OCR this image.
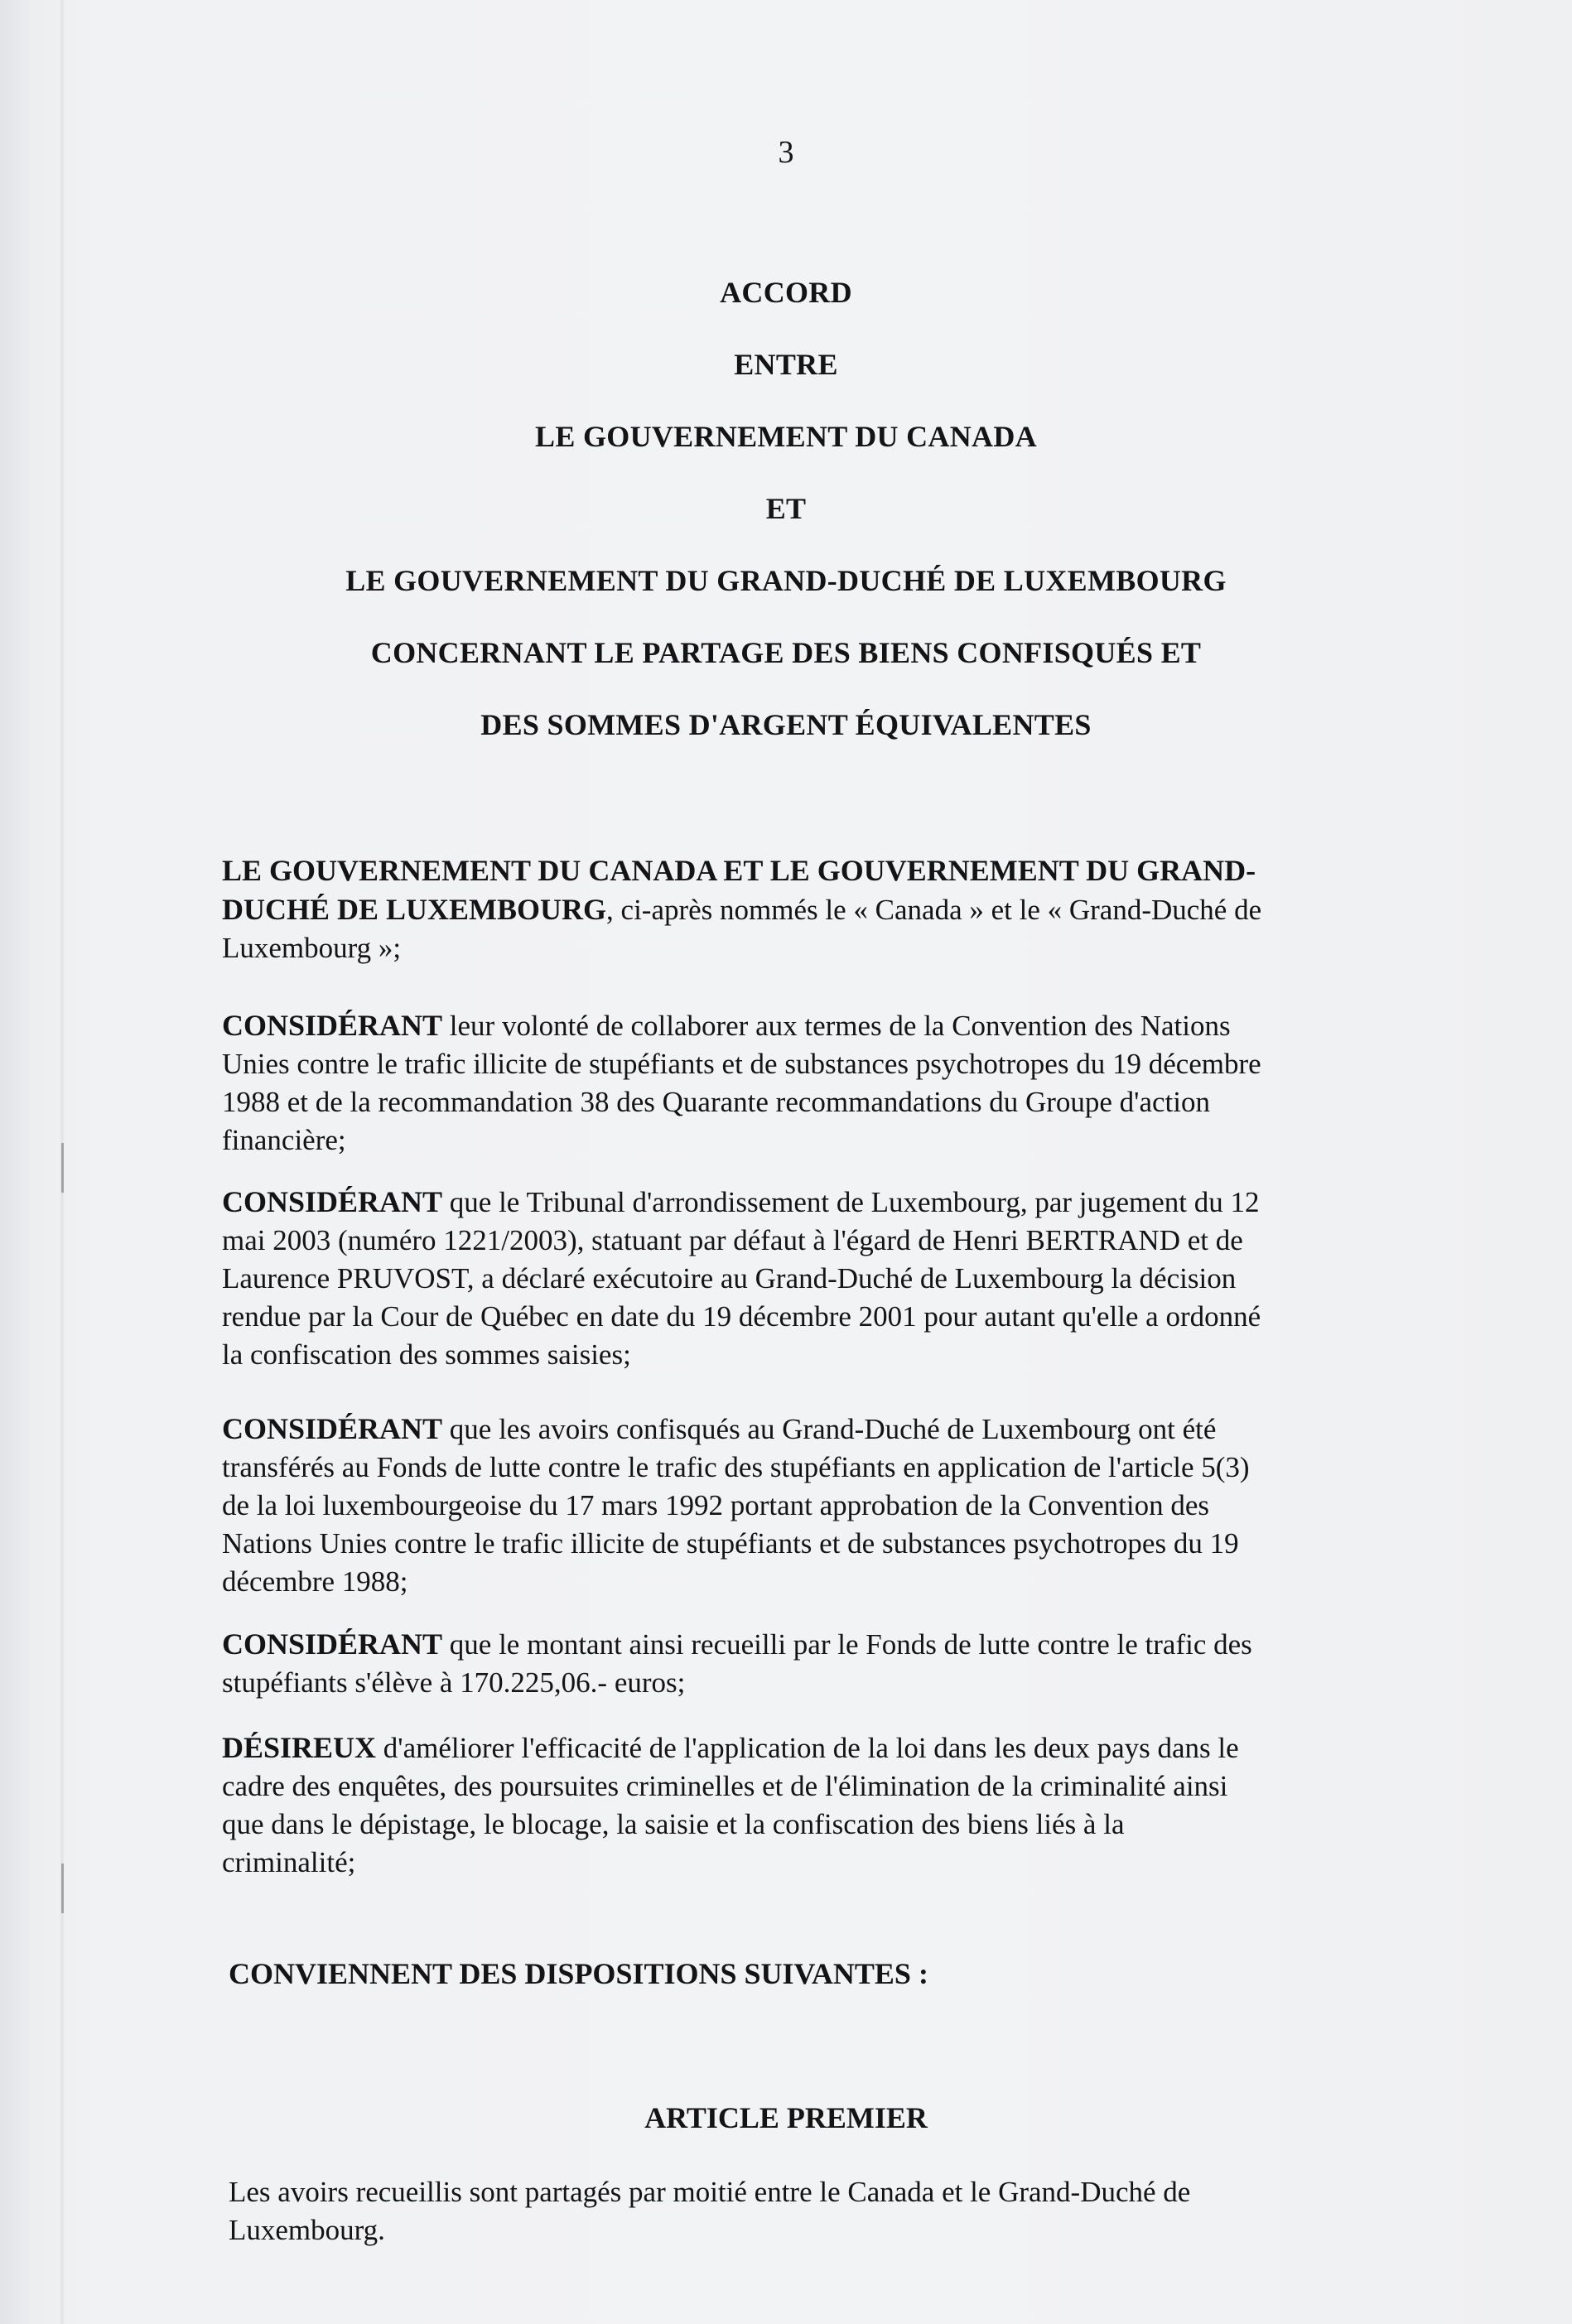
3
ACCORD
ENTRE
LE GOUVERNEMENT DU CANADA
ET
LE GOUVERNEMENT DU GRAND-DUCHÉ DE LUXEMBOURG
CONCERNANT LE PARTAGE DES BIENS CONFISQUÉS ET
DES SOMMES D'ARGENT ÉQUIVALENTES
LE GOUVERNEMENT DU CANADA ET LE GOUVERNEMENT DU GRAND-
DUCHÉ DE LUXEMBOURG, ci-après nommés le « Canada » et le « Grand-Duché de
Luxembourg »;
CONSIDÉRANT leur volonté de collaborer aux termes de la Convention des Nations
Unies contre le trafic illicite de stupéfiants et de substances psychotropes du 19 décembre
1988 et de la recommandation 38 des Quarante recommandations du Groupe d'action
financière;
CONSIDÉRANT que le Tribunal d'arrondissement de Luxembourg, par jugement du 12
mai 2003 (numéro 1221/2003), statuant par défaut à l'égard de Henri BERTRAND et de
Laurence PRUVOST, a déclaré exécutoire au Grand-Duché de Luxembourg la décision
rendue par la Cour de Québec en date du 19 décembre 2001 pour autant qu'elle a ordonné
la confiscation des sommes saisies;
CONSIDÉRANT que les avoirs confisqués au Grand-Duché de Luxembourg ont été
transférés au Fonds de lutte contre le trafic des stupéfiants en application de l'article 5(3)
de la loi luxembourgeoise du 17 mars 1992 portant approbation de la Convention des
Nations Unies contre le trafic illicite de stupéfiants et de substances psychotropes du 19
décembre 1988;
CONSIDÉRANT que le montant ainsi recueilli par le Fonds de lutte contre le trafic des
stupéfiants s'élève à 170.225,06.- euros;
DÉSIREUX d'améliorer l'efficacité de l'application de la loi dans les deux pays dans le
cadre des enquêtes, des poursuites criminelles et de l'élimination de la criminalité ainsi
que dans le dépistage, le blocage, la saisie et la confiscation des biens liés à la
criminalité;
CONVIENNENT DES DISPOSITIONS SUIVANTES :
ARTICLE PREMIER
Les avoirs recueillis sont partagés par moitié entre le Canada et le Grand-Duché de
Luxembourg.
